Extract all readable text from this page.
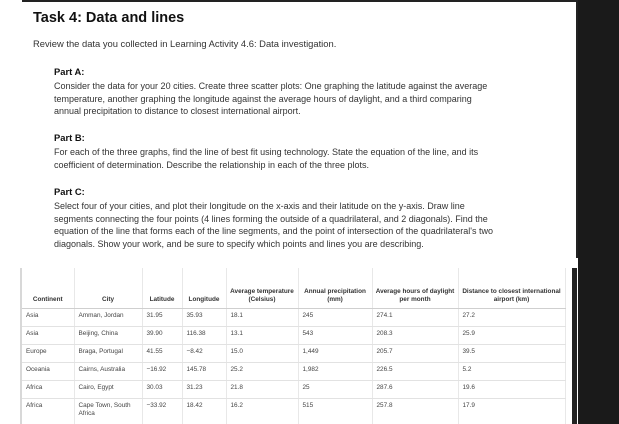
Task 4: Data and lines
Review the data you collected in Learning Activity 4.6: Data investigation.
Part A:
Consider the data for your 20 cities. Create three scatter plots: One graphing the latitude against the average
temperature, another graphing the longitude against the average hours of daylight, and a third comparing
annual precipitation to distance to closest international airport.
Part B:
For each of the three graphs, find the line of best fit using technology. State the equation of the line, and its
coefficient of determination. Describe the relationship in each of the three plots.
Part C:
Select four of your cities, and plot their longitude on the x-axis and their latitude on the y-axis. Draw line
segments connecting the four points (4 lines forming the outside of a quadrilateral, and 2 diagonals). Find the
equation of the line that forms each of the line segments, and the point of intersection of the quadrilateral's two
diagonals. Show your work, and be sure to specify which points and lines you are describing.
Continent	City	Latitude	Longitude	Average temperature (Celsius)	Annual precipitation (mm)	Average hours of daylight per month	Distance to closest international airport (km)
Asia	Amman, Jordan	31.95	35.93	18.1	245	274.1	27.2
Asia	Beijing, China	39.90	116.38	13.1	543	208.3	25.9
Europe	Braga, Portugal	41.55	−8.42	15.0	1,449	205.7	39.5
Oceania	Cairns, Australia	−16.92	145.78	25.2	1,982	226.5	5.2
Africa	Cairo, Egypt	30.03	31.23	21.8	25	287.6	19.6
Africa	Cape Town, South Africa	−33.92	18.42	16.2	515	257.8	17.9
